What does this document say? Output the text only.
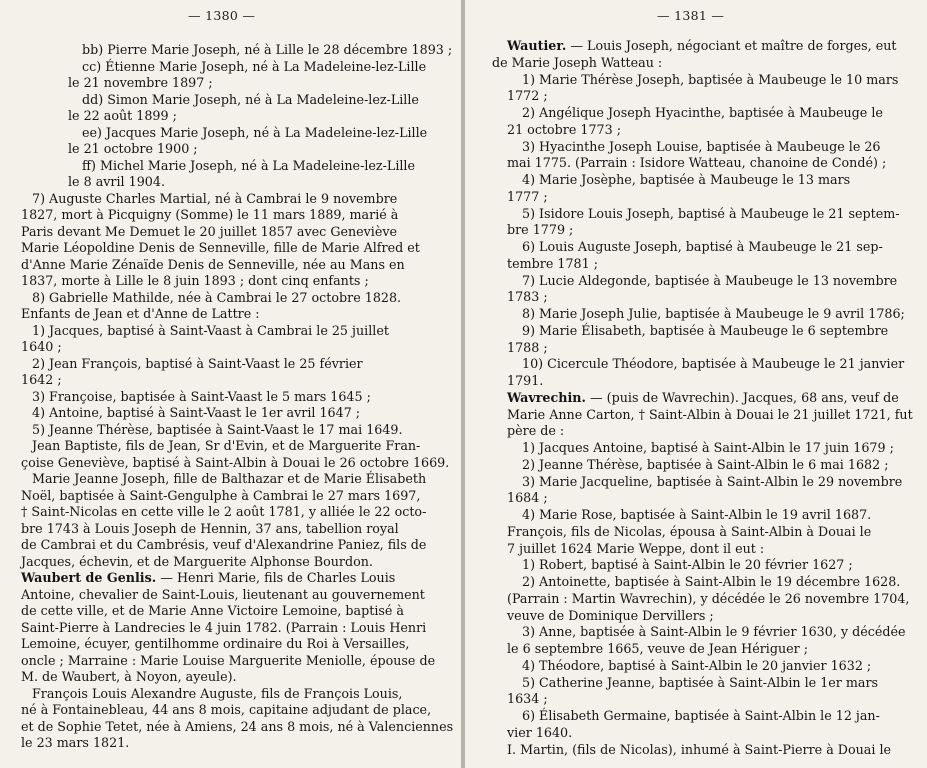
— 1380 —
bb) Pierre Marie Joseph, né à Lille le 28 décembre 1893 ;
cc) Étienne Marie Joseph, né à La Madeleine-lez-Lille
le 21 novembre 1897 ;
dd) Simon Marie Joseph, né à La Madeleine-lez-Lille
le 22 août 1899 ;
ee) Jacques Marie Joseph, né à La Madeleine-lez-Lille
le 21 octobre 1900 ;
ff) Michel Marie Joseph, né à La Madeleine-lez-Lille
le 8 avril 1904.
7) Auguste Charles Martial, né à Cambrai le 9 novembre
1827, mort à Picquigny (Somme) le 11 mars 1889, marié à
Paris devant Me Demuet le 20 juillet 1857 avec Geneviève
Marie Léopoldine Denis de Senneville, fille de Marie Alfred et
d'Anne Marie Zénaïde Denis de Senneville, née au Mans en
1837, morte à Lille le 8 juin 1893 ; dont cinq enfants ;
8) Gabrielle Mathilde, née à Cambrai le 27 octobre 1828.
Enfants de Jean et d'Anne de Lattre :
1) Jacques, baptisé à Saint-Vaast à Cambrai le 25 juillet
1640 ;
2) Jean François, baptisé à Saint-Vaast le 25 février
1642 ;
3) Françoise, baptisée à Saint-Vaast le 5 mars 1645 ;
4) Antoine, baptisé à Saint-Vaast le 1er avril 1647 ;
5) Jeanne Thérèse, baptisée à Saint-Vaast le 17 mai 1649.
Jean Baptiste, fils de Jean, Sr d'Evin, et de Marguerite Fran-
çoise Geneviève, baptisé à Saint-Albin à Douai le 26 octobre 1669.
Marie Jeanne Joseph, fille de Balthazar et de Marie Élisabeth
Noël, baptisée à Saint-Gengulphe à Cambrai le 27 mars 1697,
† Saint-Nicolas en cette ville le 2 août 1781, y alliée le 22 octo-
bre 1743 à Louis Joseph de Hennin, 37 ans, tabellion royal
de Cambrai et du Cambrésis, veuf d'Alexandrine Paniez, fils de
Jacques, échevin, et de Marguerite Alphonse Bourdon.
Waubert de Genlis. — Henri Marie, fils de Charles Louis
Antoine, chevalier de Saint-Louis, lieutenant au gouvernement
de cette ville, et de Marie Anne Victoire Lemoine, baptisé à
Saint-Pierre à Landrecies le 4 juin 1782. (Parrain : Louis Henri
Lemoine, écuyer, gentilhomme ordinaire du Roi à Versailles,
oncle ; Marraine : Marie Louise Marguerite Meniolle, épouse de
M. de Waubert, à Noyon, ayeule).
François Louis Alexandre Auguste, fils de François Louis,
né à Fontainebleau, 44 ans 8 mois, capitaine adjudant de place,
et de Sophie Tetet, née à Amiens, 24 ans 8 mois, né à Valenciennes
le 23 mars 1821.
— 1381 —
Wautier. — Louis Joseph, négociant et maître de forges, eut
de Marie Joseph Watteau :
1) Marie Thérèse Joseph, baptisée à Maubeuge le 10 mars
1772 ;
2) Angélique Joseph Hyacinthe, baptisée à Maubeuge le
21 octobre 1773 ;
3) Hyacinthe Joseph Louise, baptisée à Maubeuge le 26
mai 1775. (Parrain : Isidore Watteau, chanoine de Condé) ;
4) Marie Josèphe, baptisée à Maubeuge le 13 mars
1777 ;
5) Isidore Louis Joseph, baptisé à Maubeuge le 21 septem-
bre 1779 ;
6) Louis Auguste Joseph, baptisé à Maubeuge le 21 sep-
tembre 1781 ;
7) Lucie Aldegonde, baptisée à Maubeuge le 13 novembre
1783 ;
8) Marie Joseph Julie, baptisée à Maubeuge le 9 avril 1786;
9) Marie Élisabeth, baptisée à Maubeuge le 6 septembre
1788 ;
10) Cicercule Théodore, baptisée à Maubeuge le 21 janvier
1791.
Wavrechin. — (puis de Wavrechin). Jacques, 68 ans, veuf de
Marie Anne Carton, † Saint-Albin à Douai le 21 juillet 1721, fut
père de :
1) Jacques Antoine, baptisé à Saint-Albin le 17 juin 1679 ;
2) Jeanne Thérèse, baptisée à Saint-Albin le 6 mai 1682 ;
3) Marie Jacqueline, baptisée à Saint-Albin le 29 novembre
1684 ;
4) Marie Rose, baptisée à Saint-Albin le 19 avril 1687.
François, fils de Nicolas, épousa à Saint-Albin à Douai le
7 juillet 1624 Marie Weppe, dont il eut :
1) Robert, baptisé à Saint-Albin le 20 février 1627 ;
2) Antoinette, baptisée à Saint-Albin le 19 décembre 1628.
(Parrain : Martin Wavrechin), y décédée le 26 novembre 1704,
veuve de Dominique Dervillers ;
3) Anne, baptisée à Saint-Albin le 9 février 1630, y décédée
le 6 septembre 1665, veuve de Jean Hériguer ;
4) Théodore, baptisé à Saint-Albin le 20 janvier 1632 ;
5) Catherine Jeanne, baptisée à Saint-Albin le 1er mars
1634 ;
6) Élisabeth Germaine, baptisée à Saint-Albin le 12 jan-
vier 1640.
I. Martin, (fils de Nicolas), inhumé à Saint-Pierre à Douai le
